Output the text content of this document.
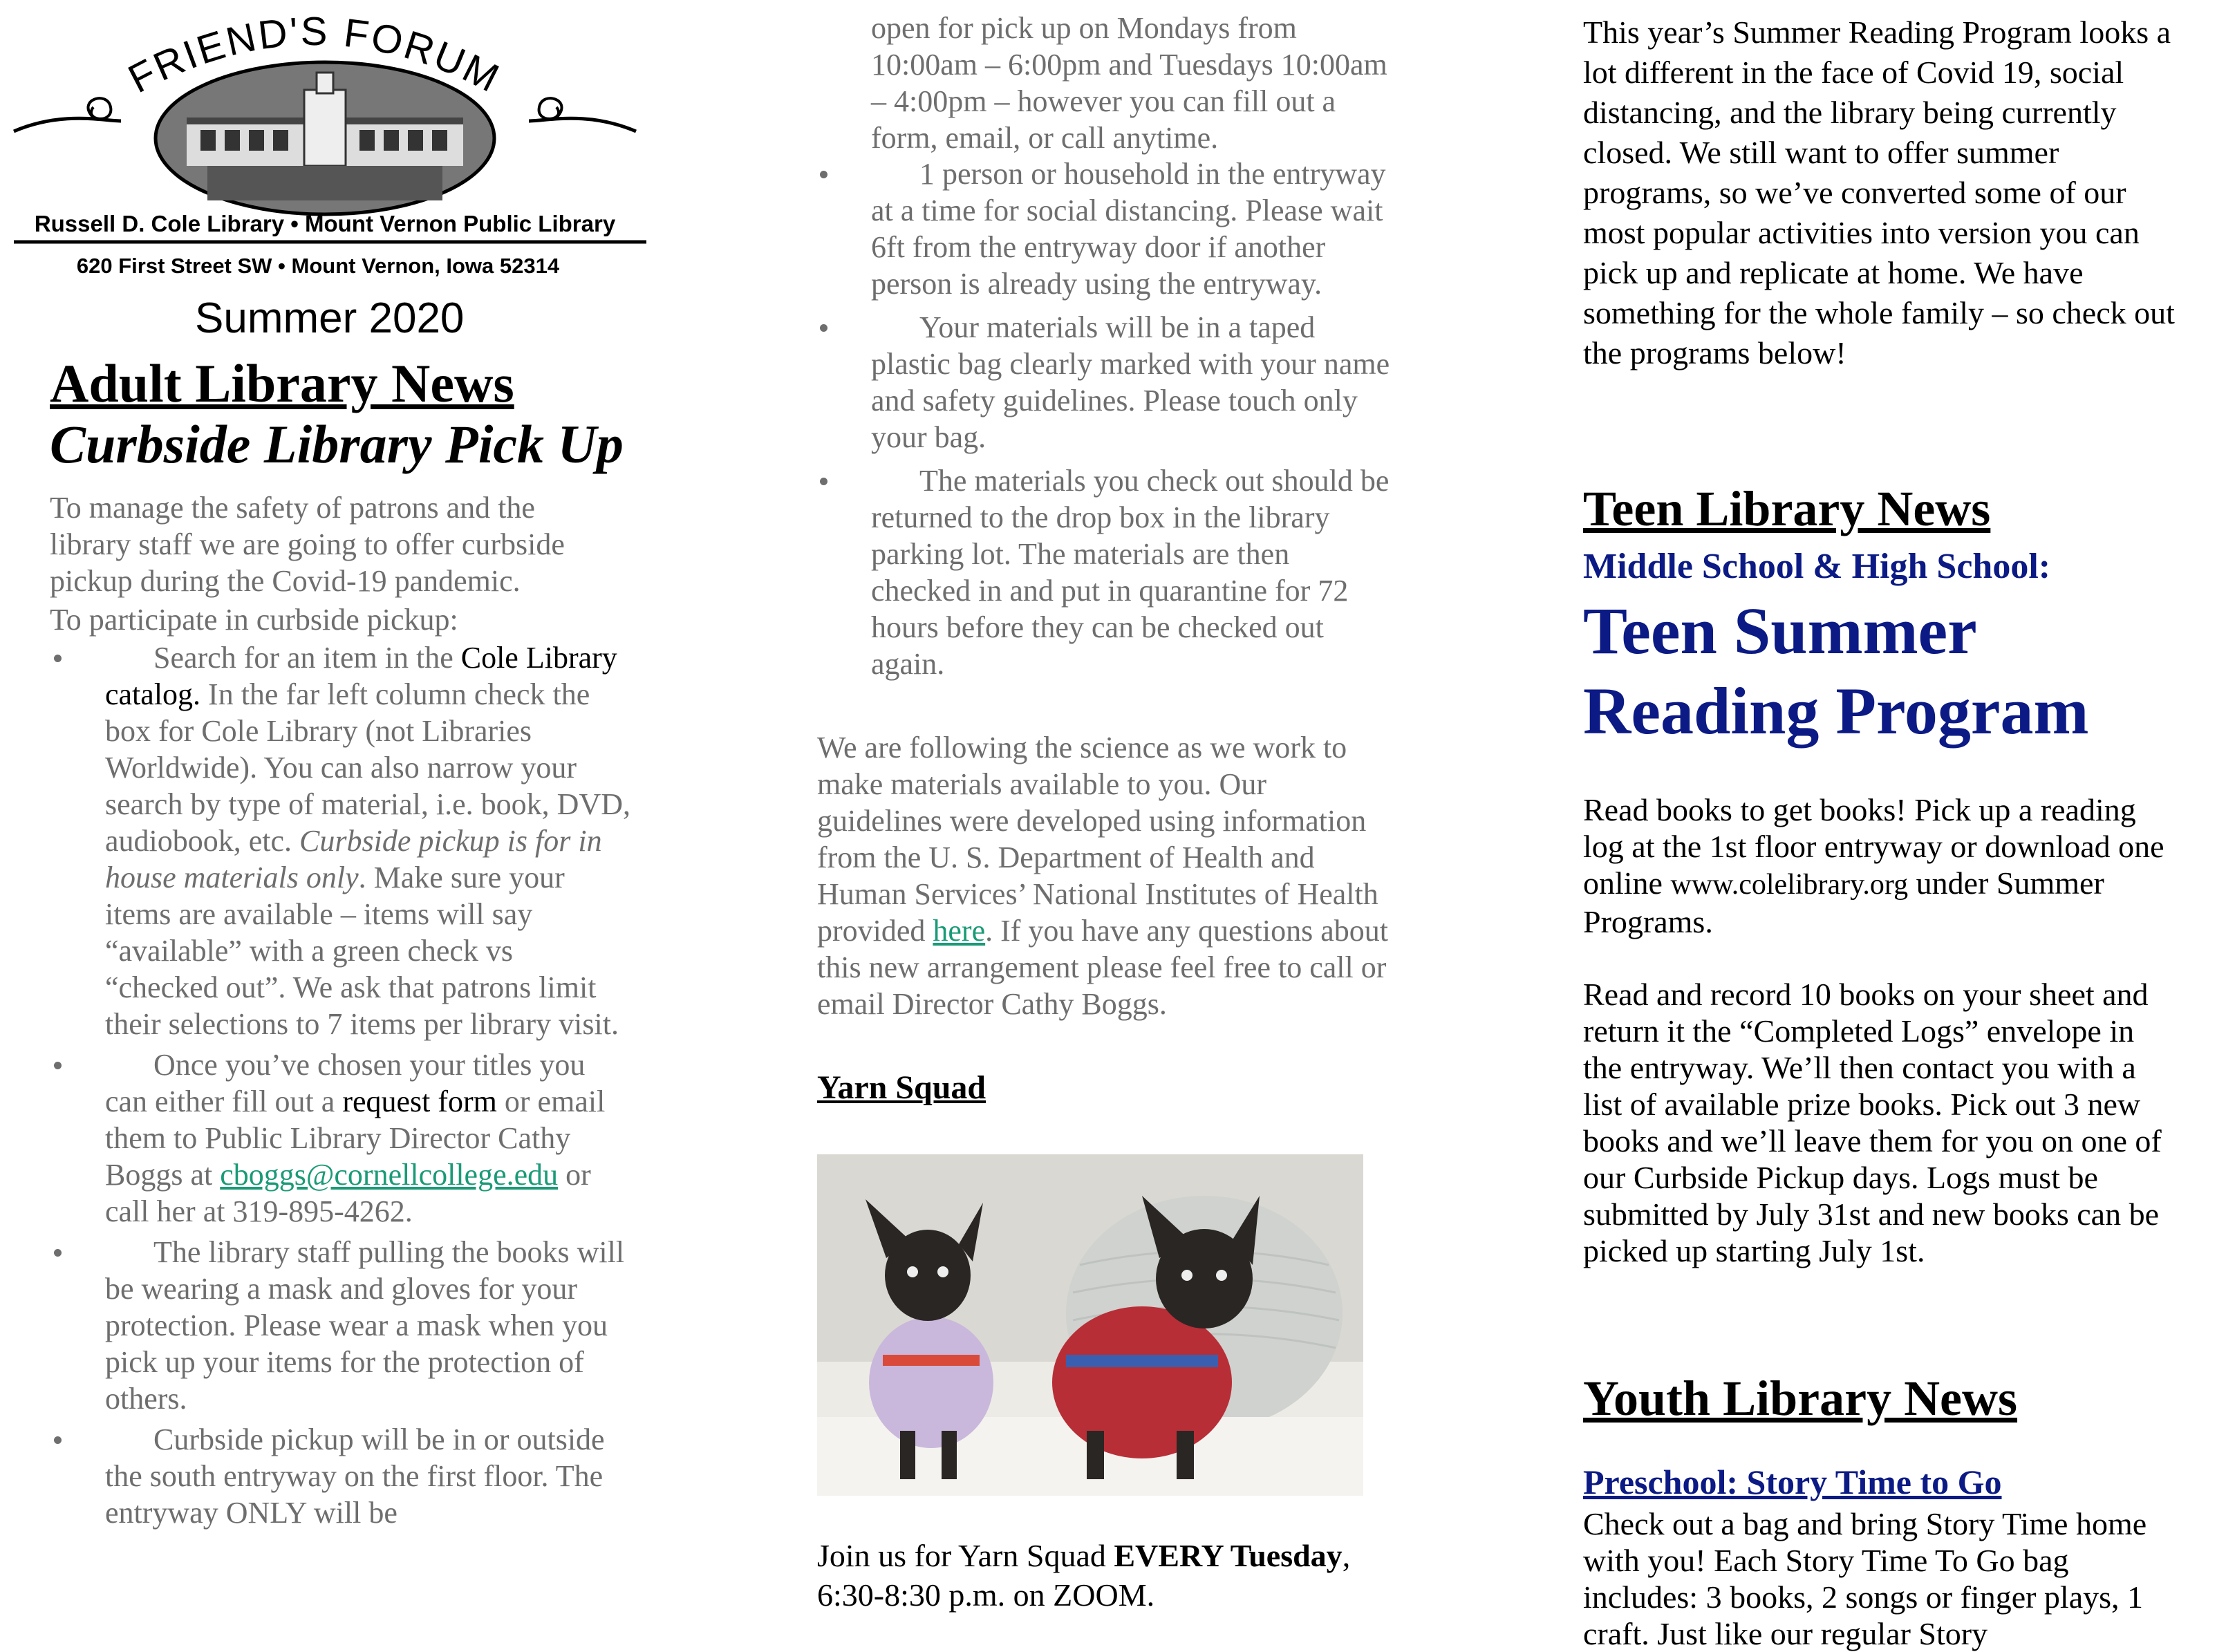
FRIEND'S FORUM
Russell D. Cole Library • Mount Vernon Public Library
620 First Street SW • Mount Vernon, Iowa 52314
Summer 2020
Adult Library News
Curbside Library Pick Up

To manage the safety of patrons and the library staff we are going to offer curbside pickup during the Covid-19 pandemic.

To participate in curbside pickup:

Search for an item in the Cole Library catalog. In the far left column check the box for Cole Library (not Libraries Worldwide). You can also narrow your search by type of material, i.e. book, DVD, audiobook, etc. Curbside pickup is for in house materials only. Make sure your items are available – items will say “available” with a green check vs “checked out”. We ask that patrons limit their selections to 7 items per library visit.
Once you’ve chosen your titles you can either fill out a request form or email them to Public Library Director Cathy Boggs at cboggs@cornellcollege.edu or call her at 319-895-4262.
The library staff pulling the books will be wearing a mask and gloves for your protection. Please wear a mask when you pick up your items for the protection of others.
Curbside pickup will be in or outside the south entryway on the first floor. The entryway ONLY will be

open for pick up on Mondays from 10:00am – 6:00pm and Tuesdays 10:00am – 4:00pm – however you can fill out a form, email, or call anytime.

1 person or household in the entryway at a time for social distancing. Please wait 6ft from the entryway door if another person is already using the entryway.
Your materials will be in a taped plastic bag clearly marked with your name and safety guidelines. Please touch only your bag.
The materials you check out should be returned to the drop box in the library parking lot. The materials are then checked in and put in quarantine for 72 hours before they can be checked out again.

We are following the science as we work to make materials available to you. Our guidelines were developed using information from the U. S. Department of Health and Human Services’ National Institutes of Health provided here. If you have any questions about this new arrangement please feel free to call or email Director Cathy Boggs.

Yarn Squad

Join us for Yarn Squad EVERY Tuesday, 6:30-8:30 p.m. on ZOOM.

This year’s Summer Reading Program looks a lot different in the face of Covid 19, social distancing, and the library being currently closed. We still want to offer summer programs, so we’ve converted some of our most popular activities into version you can pick up and replicate at home. We have something for the whole family – so check out the programs below!

Teen Library News
Middle School & High School:
Teen Summer Reading Program

Read books to get books! Pick up a reading log at the 1st floor entryway or download one online www.colelibrary.org under Summer Programs.

Read and record 10 books on your sheet and return it the “Completed Logs” envelope in the entryway. We’ll then contact you with a list of available prize books. Pick out 3 new books and we’ll leave them for you on one of our Curbside Pickup days. Logs must be submitted by July 31st and new books can be picked up starting July 1st.

Youth Library News
Preschool: Story Time to Go

Check out a bag and bring Story Time home with you! Each Story Time To Go bag includes: 3 books, 2 songs or finger plays, 1 craft. Just like our regular Story
